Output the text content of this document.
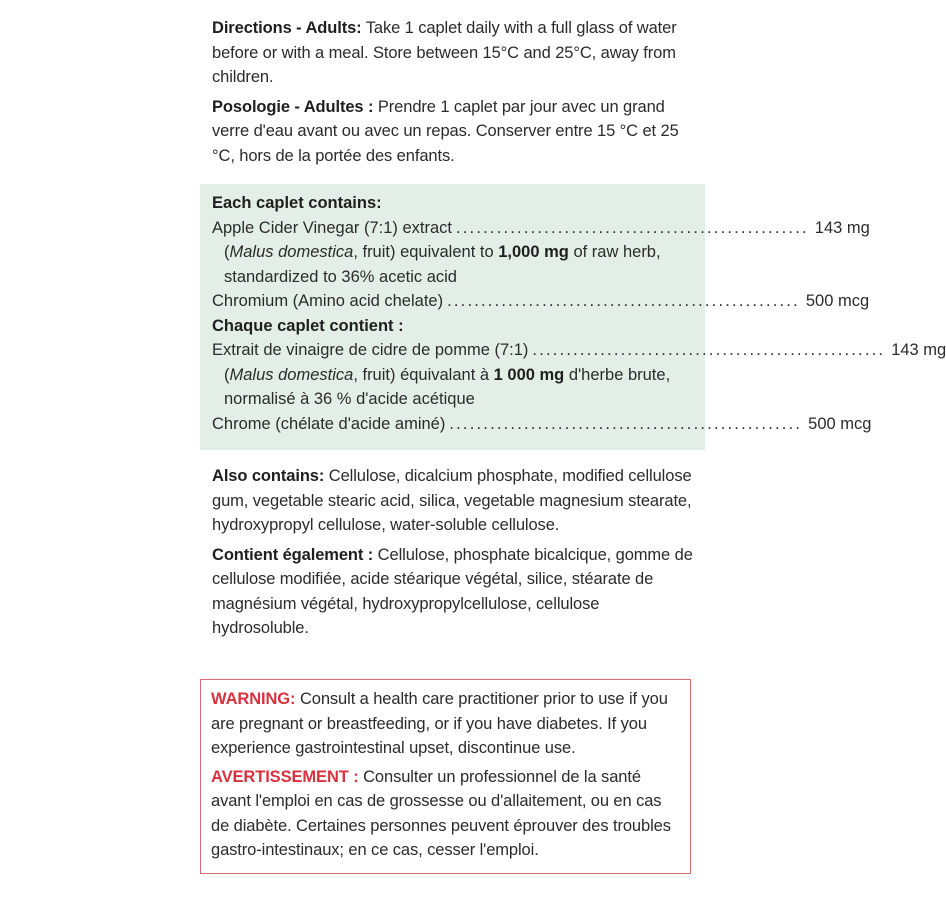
Directions - Adults: Take 1 caplet daily with a full glass of water before or with a meal. Store between 15°C and 25°C, away from children.

Posologie - Adultes : Prendre 1 caplet par jour avec un grand verre d'eau avant ou avec un repas. Conserver entre 15 °C et 25 °C, hors de la portée des enfants.

Each caplet contains:
Apple Cider Vinegar (7:1) extract .................................................... 143 mg
(Malus domestica, fruit) equivalent to 1,000 mg of raw herb, standardized to 36% acetic acid
Chromium (Amino acid chelate) .................................................... 500 mcg
Chaque caplet contient :
Extrait de vinaigre de cidre de pomme (7:1) .................................................... 143 mg
(Malus domestica, fruit) équivalant à 1 000 mg d'herbe brute, normalisé à 36 % d'acide acétique
Chrome (chélate d'acide aminé) .................................................... 500 mcg

Also contains: Cellulose, dicalcium phosphate, modified cellulose gum, vegetable stearic acid, silica, vegetable magnesium stearate, hydroxypropyl cellulose, water-soluble cellulose.

Contient également : Cellulose, phosphate bicalcique, gomme de cellulose modifiée, acide stéarique végétal, silice, stéarate de magnésium végétal, hydroxypropylcellulose, cellulose hydrosoluble.

WARNING: Consult a health care practitioner prior to use if you are pregnant or breastfeeding, or if you have diabetes. If you experience gastrointestinal upset, discontinue use.

AVERTISSEMENT : Consulter un professionnel de la santé avant l'emploi en cas de grossesse ou d'allaitement, ou en cas de diabète. Certaines personnes peuvent éprouver des troubles gastro-intestinaux; en ce cas, cesser l'emploi.
